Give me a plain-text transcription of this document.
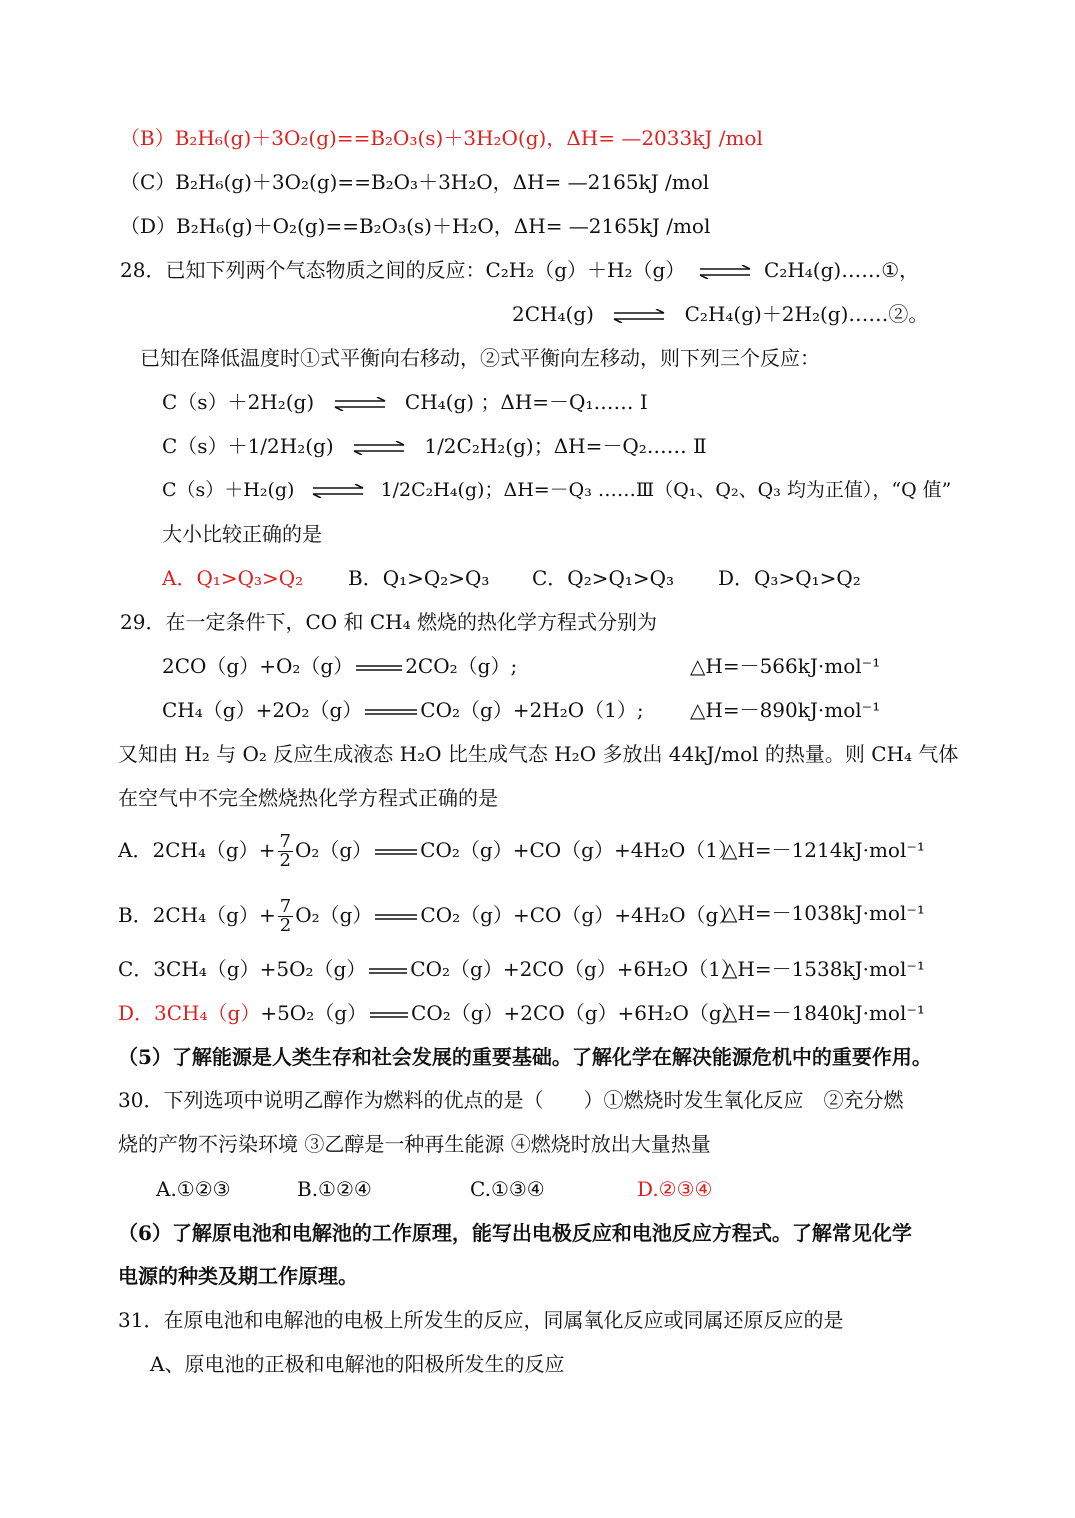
（B）B₂H₆(g)＋3O₂(g)==B₂O₃(s)＋3H₂O(g)，ΔH= —2033kJ /mol
（C）B₂H₆(g)＋3O₂(g)==B₂O₃＋3H₂O，ΔH= —2165kJ /mol
（D）B₂H₆(g)＋O₂(g)==B₂O₃(s)＋H₂O，ΔH= —2165kJ /mol
28．已知下列两个气态物质之间的反应：C₂H₂（g）＋H₂（g） ⇌ C₂H₄(g)……①，
2CH₄(g) ⇌ C₂H₄(g)＋2H₂(g)……②。
已知在降低温度时①式平衡向右移动，②式平衡向左移动，则下列三个反应：
C（s）＋2H₂(g) ⇌ CH₄(g) ；ΔH=－Q₁…… Ⅰ
C（s）＋1/2H₂(g) ⇌ 1/2C₂H₂(g)；ΔH=－Q₂…… Ⅱ
C（s）＋H₂(g) ⇌ 1/2C₂H₄(g)；ΔH=－Q₃ ……Ⅲ（Q₁、Q₂、Q₃ 均为正值），“Q 值”
大小比较正确的是
A．Q₁>Q₃>Q₂ B．Q₁>Q₂>Q₃ C．Q₂>Q₁>Q₃ D．Q₃>Q₁>Q₂
29．在一定条件下，CO 和 CH₄ 燃烧的热化学方程式分别为
2CO（g）+O₂（g）	2CO₂（g）;	△H=－566kJ·mol⁻¹
CH₄（g）+2O₂（g）	CO₂（g）+2H₂O（1）; △H=－890kJ·mol⁻¹
又知由 H₂ 与 O₂ 反应生成液态 H₂O 比生成气态 H₂O 多放出 44kJ/mol 的热量。则 CH₄ 气体
在空气中不完全燃烧热化学方程式正确的是
A．$2CH_4(g)+ \frac{7}{2} O_2(g)$ CO₂（g）+CO（g）+4H₂O（1）
△H=－1214kJ·mol⁻¹
B．$2CH_4(g)+ \frac{7}{2} O_2(g)$ CO₂（g）+CO（g）+4H₂O（g）
△H=－1038kJ·mol⁻¹
C．3CH₄（g）+5O₂（g） CO₂（g）+2CO（g）+6H₂O（1）
△H=－1538kJ·mol⁻¹
D．3CH₄（g）+5O₂（g） CO₂（g）+2CO（g）+6H₂O（g）
△H=－1840kJ·mol⁻¹
（5）了解能源是人类生存和社会发展的重要基础。了解化学在解决能源危机中的重要作用。
30．下列选项中说明乙醇作为燃料的优点的是（　　）①燃烧时发生氧化反应　②充分燃
烧的产物不污染环境 ③乙醇是一种再生能源 ④燃烧时放出大量热量
A.①②③	B.①②④	C.①③④	D.②③④
（6）了解原电池和电解池的工作原理，能写出电极反应和电池反应方程式。了解常见化学
电源的种类及期工作原理。
31．在原电池和电解池的电极上所发生的反应，同属氧化反应或同属还原反应的是
A、原电池的正极和电解池的阳极所发生的反应
